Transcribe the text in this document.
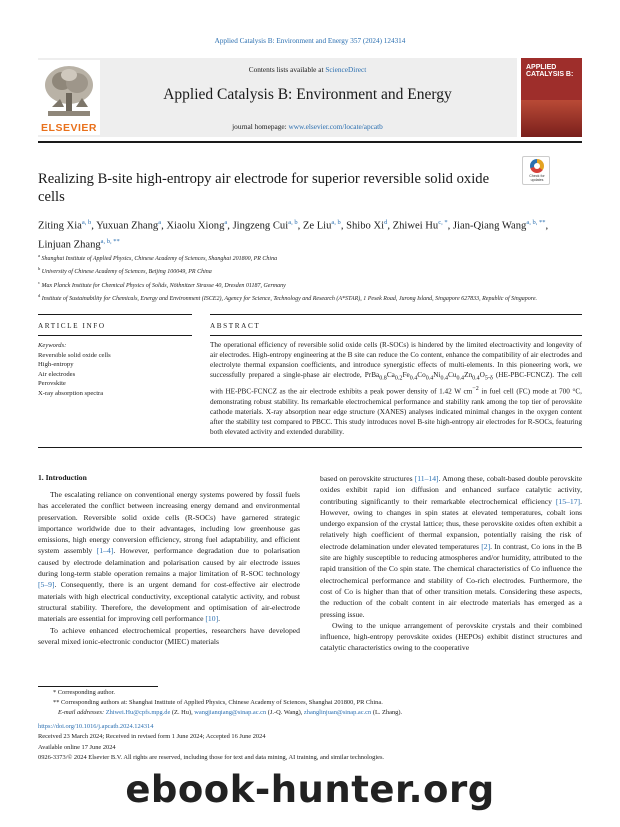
Applied Catalysis B: Environment and Energy 357 (2024) 124314
ELSEVIER
Contents lists available at ScienceDirect
Applied Catalysis B: Environment and Energy
journal homepage: www.elsevier.com/locate/apcatb
APPLIED CATALYSIS B:
Check for updates
Realizing B-site high-entropy air electrode for superior reversible solid oxide cells
Ziting Xia$^{a, b}$, Yuxuan Zhang$^a$, Xiaolu Xiong$^a$, Jingzeng Cui$^{a, b}$, Ze Liu$^{a, b}$, Shibo Xi$^d$, Zhiwei $Hu^{c, *}$, Jian-Qiang Wang$^{a, b, **}$, Linjuan Zhang$^{a, b, **}$
$^a$ Shanghai Institute of Applied Physics, Chinese Academy of Sciences, Shanghai 201800, PR China
$^b$ University of Chinese Academy of Sciences, Beijing 100049, PR China
$^c$ Max Planck Institute for Chemical Physics of Solids, Nöthnitzer Strasse 40, Dresden 01187, Germany
$^d$ Institute of Sustainability for Chemicals, Energy and Environment (ISCE2), Agency for Science, Technology and Research (A*STAR), 1 Pesek Road, Jurong Island, Singapore 627833, Republic of Singapore.
ARTICLE INFO	ABSTRACT
Keywords:
Reversible solid oxide cells
High-entropy
Air electrodes
Perovskite
X-ray absorption spectra
The operational efficiency of reversible solid oxide cells (R-SOCs) is hindered by the limited electroactivity and longevity of air electrodes. High-entropy engineering at the B site can reduce the Co content, enhance the compatibility of air electrodes and electrolyte thermal expansion coefficients, and introduce synergistic effects of multi-elements. In this pioneering work, we successfully prepared a single-phase air electrode, $PrBa_{0.8}Ca_{0.2}Fe_{0.4}Co_{0.4}Ni_{0.4}Cu_{0.4}Zn_{0.4}O_{5-\delta}$ (HE-PBC-FCNCZ). The cell with HE-PBC-FCNCZ as the air electrode exhibits a peak power density of 1.42 W $cm^{-2}$ in fuel cell (FC) mode at 700 °C, demonstrating robust stability. Its remarkable electrochemical performance and stability rank among the top tier of perovskite cathode materials. X-ray absorption near edge structure (XANES) analyses indicated minimal changes in the oxygen content after the stability test compared to PBCC. This study introduces novel B-site high-entropy air electrodes for R-SOCs, featuring both elevated activity and extended durability.
1. Introduction

The escalating reliance on conventional energy systems powered by fossil fuels has accelerated the conflict between increasing energy demand and environmental preservation. Reversible solid oxide cells (R-SOCs) have garnered strategic importance worldwide due to their advantages, including low greenhouse gas emissions, high energy conversion efficiency, strong fuel adaptability, and efficient system assembly [1–4]. However, performance degradation due to polarisation caused by electrode delamination and polarisation caused by air electrode issues during long-term stable operation remains a major limitation of R-SOC technology [5–9]. Consequently, there is an urgent demand for cost-effective air electrode materials with high electrical conductivity, exceptional catalytic activity, and robust structural stability. Therefore, the development and optimisation of air-electrode materials are essential for improving cell performance [10].

To achieve enhanced electrochemical properties, researchers have developed several mixed ionic-electronic conductor (MIEC) materials

based on perovskite structures [11–14]. Among these, cobalt-based double perovskite oxides exhibit rapid ion diffusion and enhanced surface catalytic activity, contributing significantly to their remarkable electrochemical efficiency [15–17]. However, owing to changes in spin states at elevated temperatures, cobalt ions undergo expansion of the crystal lattice; thus, these perovskite oxides often exhibit a relatively high coefficient of thermal expansion, potentially raising the risk of electrode delamination under elevated temperatures [2]. In contrast, Co ions in the B site are highly susceptible to reducing atmospheres and/or humidity, attributed to the rapid transition of the Co spin state. The chemical characteristics of Co influence the electrochemical performance and stability of Co-rich electrodes. Furthermore, the cost of Co is higher than that of other transition metals. Considering these aspects, the reduction of the cobalt content in air electrode materials has emerged as a pressing issue.

Owing to the unique arrangement of perovskite crystals and their combined influence, high-entropy perovskite oxides (HEPOs) exhibit distinct structures and catalytic characteristics owing to the cooperative

* Corresponding author.
** Corresponding authors at: Shanghai Institute of Applied Physics, Chinese Academy of Sciences, Shanghai 201800, PR China.
E-mail addresses: Zhiwei.Hu@cpfs.mpg.de (Z. Hu), wangjianqiang@sinap.ac.cn (J.-Q. Wang), zhanglinjuan@sinap.ac.cn (L. Zhang).
https://doi.org/10.1016/j.apcatb.2024.124314
Received 23 March 2024; Received in revised form 1 June 2024; Accepted 16 June 2024
Available online 17 June 2024
0926-3373/© 2024 Elsevier B.V. All rights are reserved, including those for text and data mining, AI training, and similar technologies.
ebook-hunter.org
